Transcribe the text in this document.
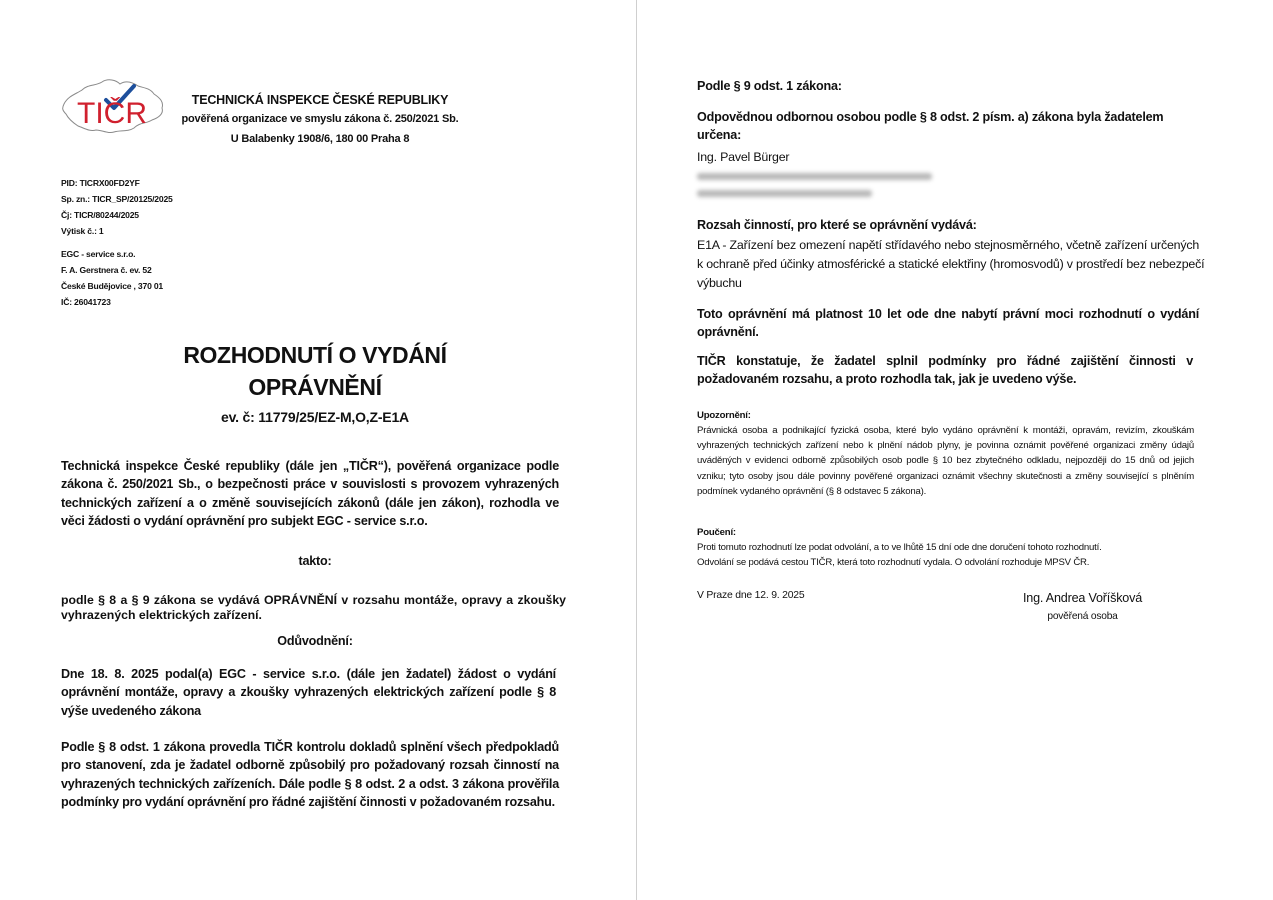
TIČR	TECHNICKÁ INSPEKCE ČESKÉ REPUBLIKY
pověřená organizace ve smyslu zákona č. 250/2021 Sb.
U Balabenky 1908/6, 180 00 Praha 8
PID: TICRX00FD2YF
Sp. zn.: TICR_SP/20125/2025
Čj: TICR/80244/2025
Výtisk č.: 1
EGC - service s.r.o.
F. A. Gerstnera č. ev. 52
České Budějovice , 370 01
IČ: 26041723
ROZHODNUTÍ O VYDÁNÍ
OPRÁVNĚNÍ
ev. č: 11779/25/EZ-M,O,Z-E1A
Technická inspekce České republiky (dále jen „TIČR“), pověřená organizace podle zákona č. 250/2021 Sb., o bezpečnosti práce v souvislosti s provozem vyhrazených technických zařízení a o změně souvisejících zákonů (dále jen zákon), rozhodla ve věci žádosti o vydání oprávnění pro subjekt EGC - service s.r.o.
takto:
podle § 8 a § 9 zákona se vydává OPRÁVNĚNÍ v rozsahu montáže, opravy a zkoušky vyhrazených elektrických zařízení.
Odůvodnění:
Dne 18. 8. 2025 podal(a) EGC - service s.r.o. (dále jen žadatel) žádost o vydání oprávnění montáže, opravy a zkoušky vyhrazených elektrických zařízení podle § 8 výše uvedeného zákona
Podle § 8 odst. 1 zákona provedla TIČR kontrolu dokladů splnění všech předpokladů pro stanovení, zda je žadatel odborně způsobilý pro požadovaný rozsah činností na vyhrazených technických zařízeních. Dále podle § 8 odst. 2 a odst. 3 zákona prověřila podmínky pro vydání oprávnění pro řádné zajištění činnosti v požadovaném rozsahu.
Podle § 9 odst. 1 zákona:
Odpovědnou odbornou osobou podle § 8 odst. 2 písm. a) zákona byla žadatelem určena:
Ing. Pavel Bürger
Rozsah činností, pro které se oprávnění vydává:
E1A - Zařízení bez omezení napětí střídavého nebo stejnosměrného, včetně zařízení určených k ochraně před účinky atmosférické a statické elektřiny (hromosvodů) v prostředí bez nebezpečí výbuchu
Toto oprávnění má platnost 10 let ode dne nabytí právní moci rozhodnutí o vydání oprávnění.
TIČR konstatuje, že žadatel splnil podmínky pro řádné zajištění činnosti v požadovaném rozsahu, a proto rozhodla tak, jak je uvedeno výše.
Upozornění:
Právnická osoba a podnikající fyzická osoba, které bylo vydáno oprávnění k montáži, opravám, revizím, zkouškám vyhrazených technických zařízení nebo k plnění nádob plyny, je povinna oznámit pověřené organizaci změny údajů uváděných v evidenci odborně způsobilých osob podle § 10 bez zbytečného odkladu, nejpozději do 15 dnů od jejich vzniku; tyto osoby jsou dále povinny pověřené organizaci oznámit všechny skutečnosti a změny související s plněním podmínek vydaného oprávnění (§ 8 odstavec 5 zákona).
Poučení:
Proti tomuto rozhodnutí lze podat odvolání, a to ve lhůtě 15 dní ode dne doručení tohoto rozhodnutí.
Odvolání se podává cestou TIČR, která toto rozhodnutí vydala. O odvolání rozhoduje MPSV ČR.
V Praze dne 12. 9. 2025	Ing. Andrea Voříšková
pověřená osoba
